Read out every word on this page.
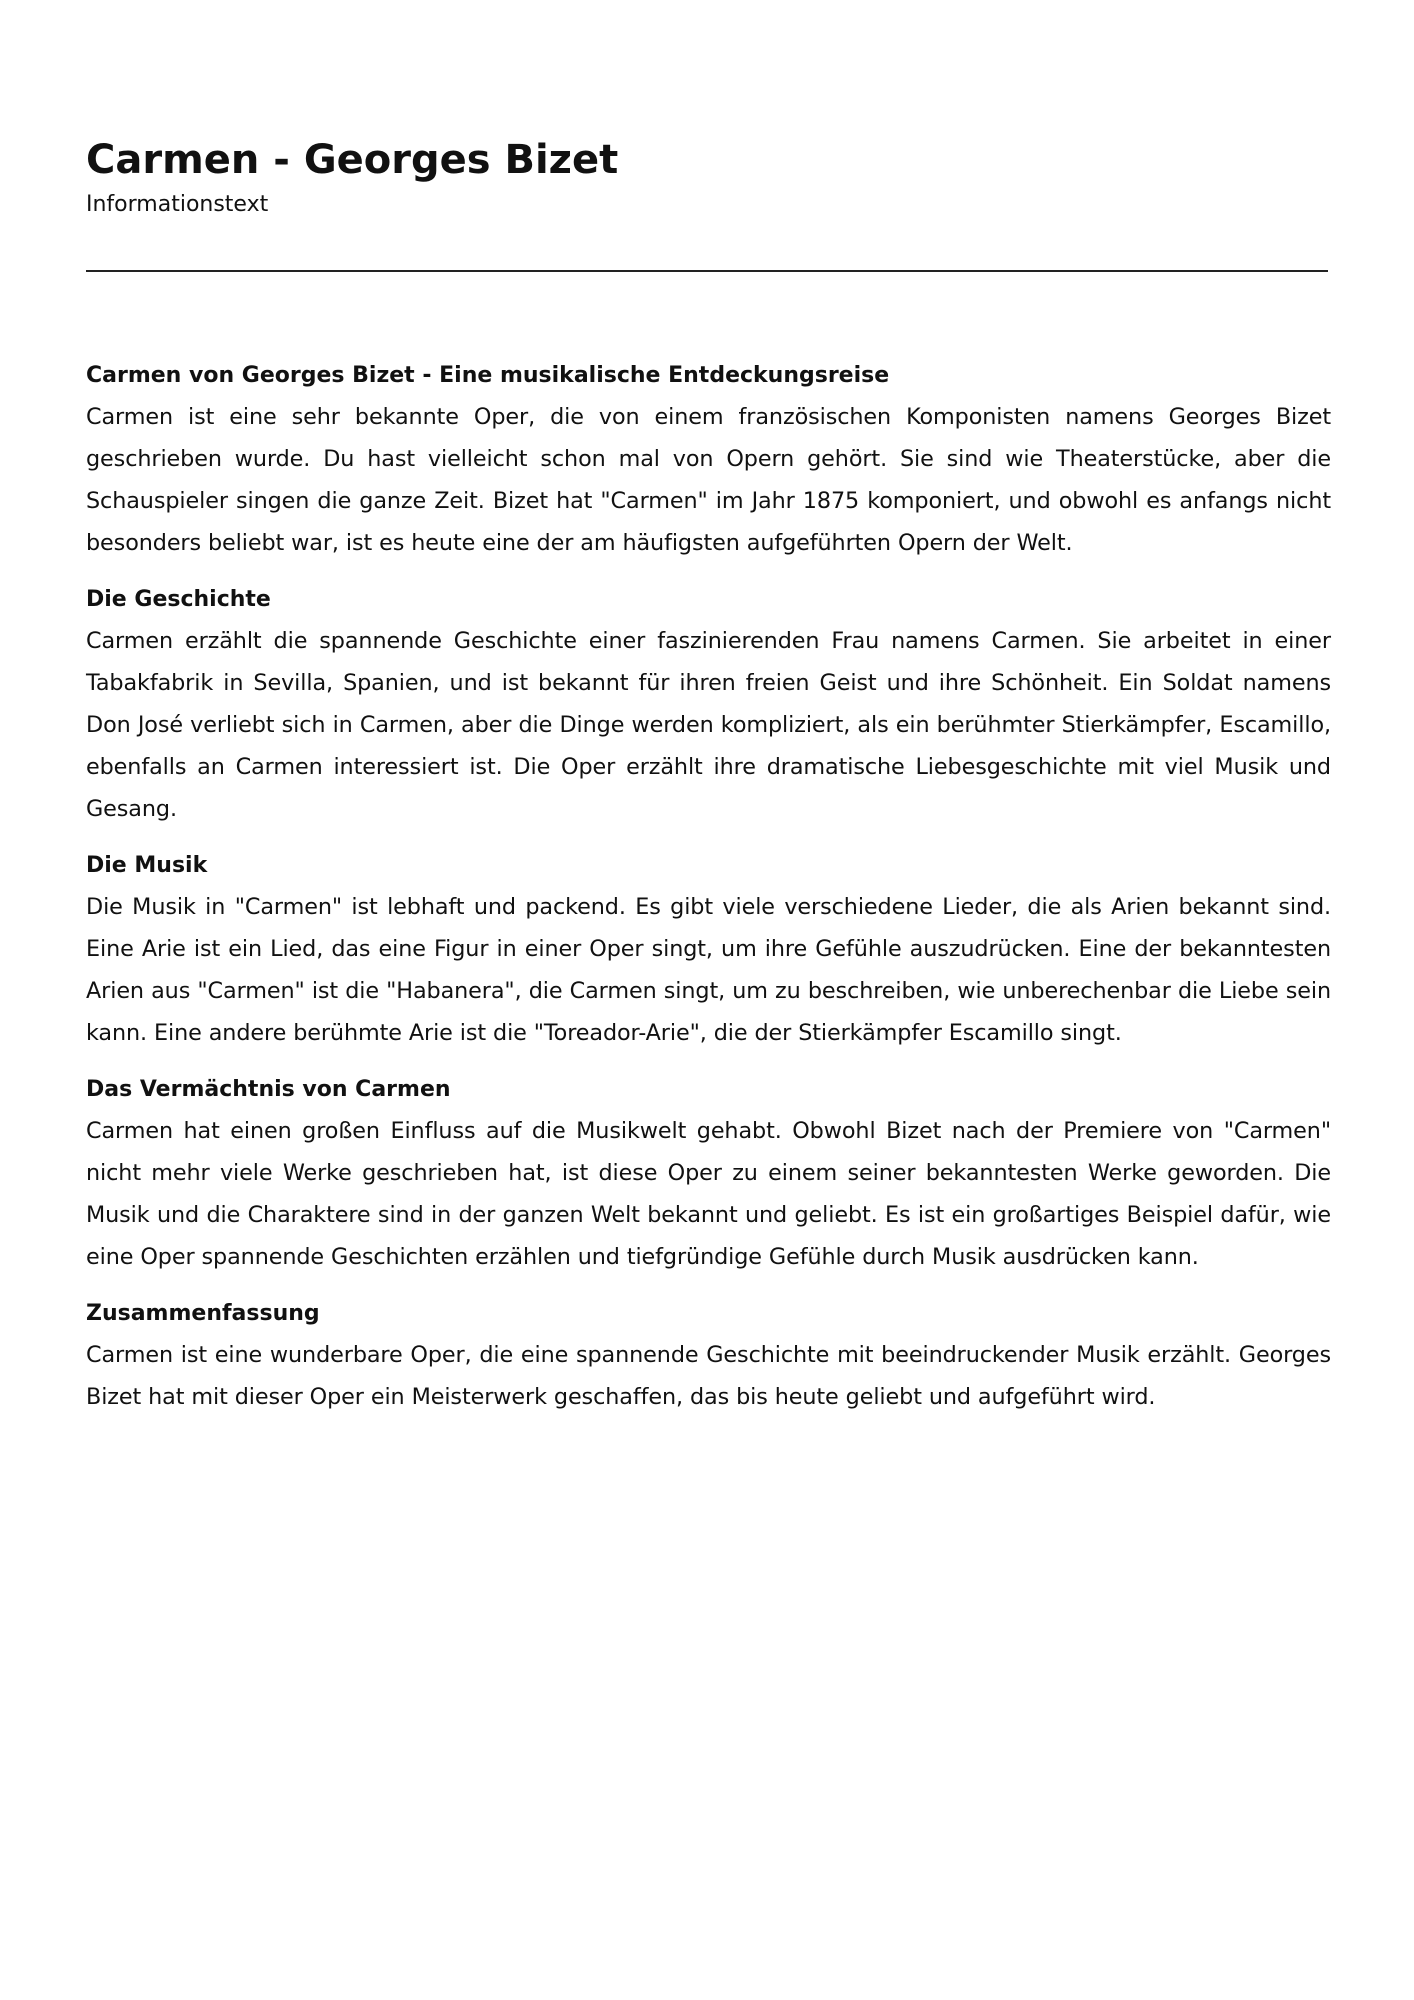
Carmen - Georges Bizet

Informationstext

Carmen von Georges Bizet - Eine musikalische Entdeckungsreise

Carmen ist eine sehr bekannte Oper, die von einem französischen Komponisten namens Georges Bizet geschrieben wurde. Du hast vielleicht schon mal von Opern gehört. Sie sind wie Theaterstücke, aber die Schauspieler singen die ganze Zeit. Bizet hat "Carmen" im Jahr 1875 komponiert, und obwohl es anfangs nicht besonders beliebt war, ist es heute eine der am häufigsten aufgeführten Opern der Welt.

Die Geschichte

Carmen erzählt die spannende Geschichte einer faszinierenden Frau namens Carmen. Sie arbeitet in einer Tabakfabrik in Sevilla, Spanien, und ist bekannt für ihren freien Geist und ihre Schönheit. Ein Soldat namens Don José verliebt sich in Carmen, aber die Dinge werden kompliziert, als ein berühmter Stierkämpfer, Escamillo, ebenfalls an Carmen interessiert ist. Die Oper erzählt ihre dramatische Liebesgeschichte mit viel Musik und Gesang.

Die Musik

Die Musik in "Carmen" ist lebhaft und packend. Es gibt viele verschiedene Lieder, die als Arien bekannt sind. Eine Arie ist ein Lied, das eine Figur in einer Oper singt, um ihre Gefühle auszudrücken. Eine der bekanntesten Arien aus "Carmen" ist die "Habanera", die Carmen singt, um zu beschreiben, wie unberechenbar die Liebe sein kann. Eine andere berühmte Arie ist die "Toreador-Arie", die der Stierkämpfer Escamillo singt.

Das Vermächtnis von Carmen

Carmen hat einen großen Einfluss auf die Musikwelt gehabt. Obwohl Bizet nach der Premiere von "Carmen" nicht mehr viele Werke geschrieben hat, ist diese Oper zu einem seiner bekanntesten Werke geworden. Die Musik und die Charaktere sind in der ganzen Welt bekannt und geliebt. Es ist ein großartiges Beispiel dafür, wie eine Oper spannende Geschichten erzählen und tiefgründige Gefühle durch Musik ausdrücken kann.

Zusammenfassung

Carmen ist eine wunderbare Oper, die eine spannende Geschichte mit beeindruckender Musik erzählt. Georges Bizet hat mit dieser Oper ein Meisterwerk geschaffen, das bis heute geliebt und aufgeführt wird.
